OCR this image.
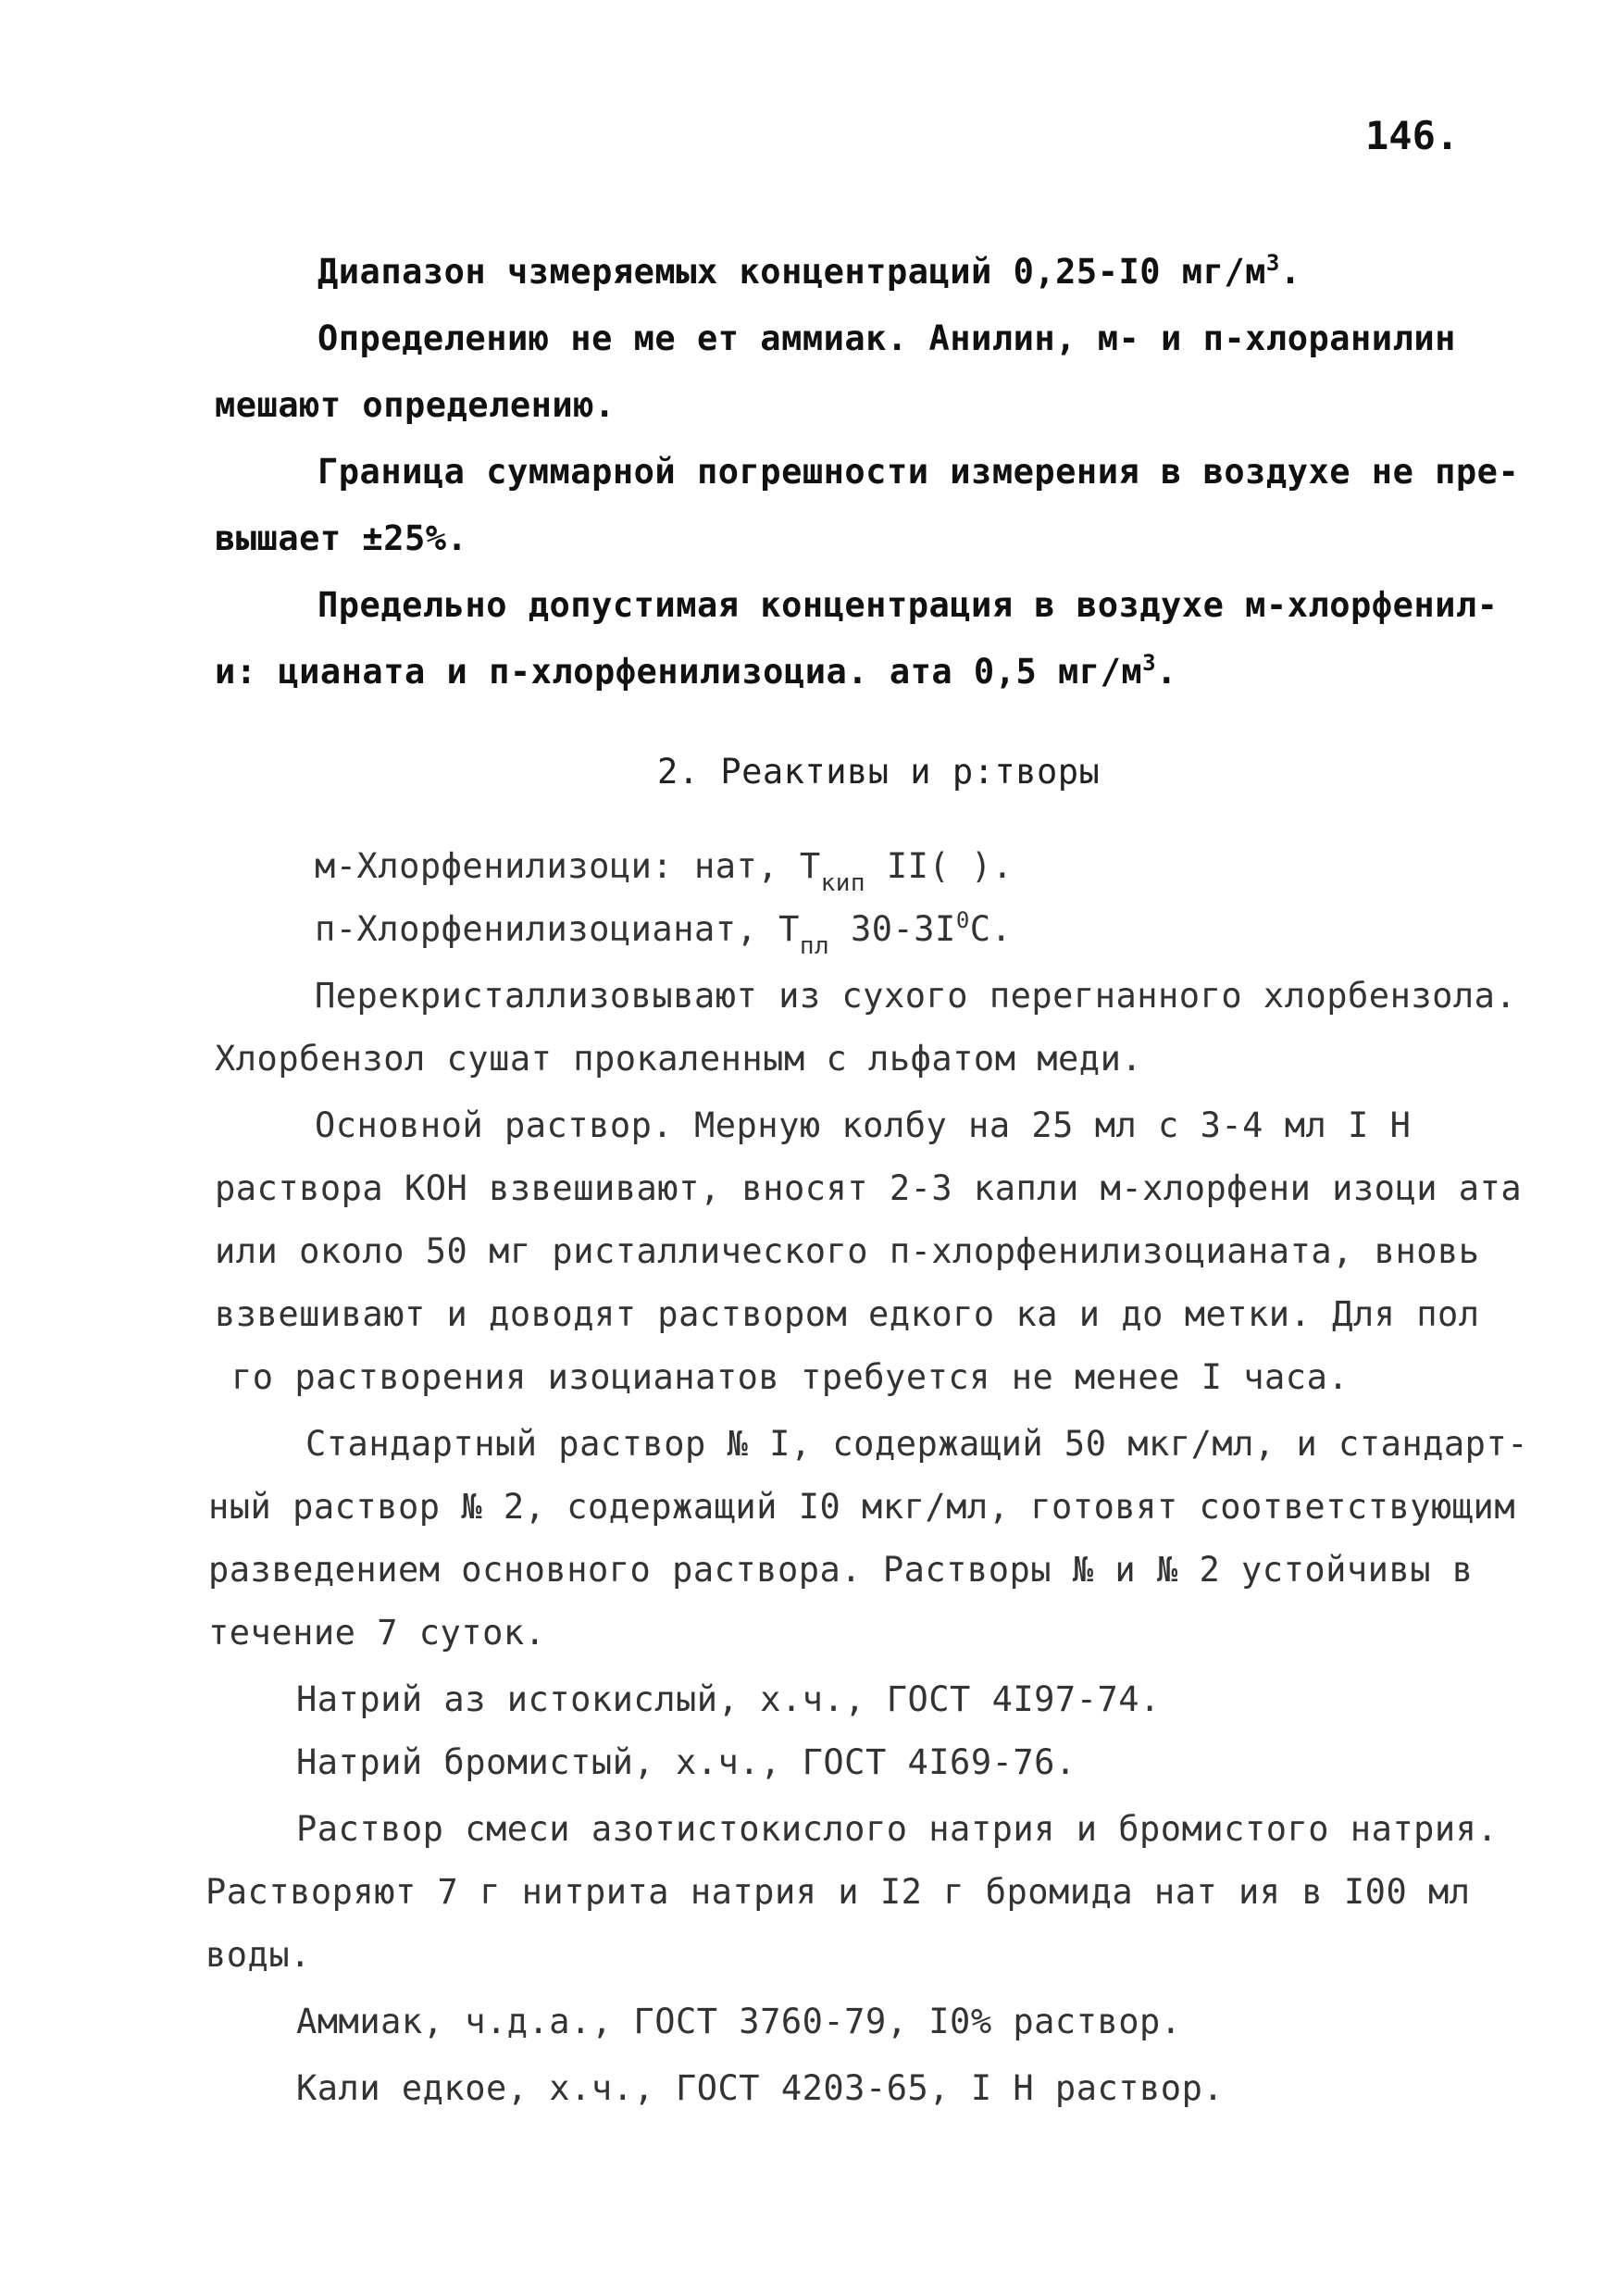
146.
Диапазон чзмеряемых концентраций 0,25-I0 $мг/м^3$.
Определению не ме ет аммиак. Анилин, м- и п-хлоранилин
мешают определению.
Граница суммарной погрешности измерения в воздухе не пре-
вышает ±25%.
Предельно допустимая концентрация в воздухе м-хлорфенил-
и: цианата и п-хлорфенилизоциа. ата 0,5 $мг/м^3$.
2. Реактивы и р:творы
м-Хлорфенилизоци: нат, $Т_{кип}$ II( ).
п-Хлорфенилизоцианат, $Т_{пл}$ $30-3I^0С$.
Перекристаллизовывают из сухого перегнанного хлорбензола.
Хлорбензол сушат прокаленным с льфатом меди.
Основной раствор. Мерную колбу на 25 мл с 3-4 мл I Н
раствора КОН взвешивают, вносят 2-3 капли м-хлорфени изоци ата
или около 50 мг ристаллического п-хлорфенилизоцианата, вновь
взвешивают и доводят раствором едкого ка и до метки. Для пол
го растворения изоцианатов требуется не менее I часа.
Стандартный раствор № I, содержащий 50 мкг/мл, и стандарт-
ный раствор № 2, содержащий I0 мкг/мл, готовят соответствующим
разведением основного раствора. Растворы № и № 2 устойчивы в
течение 7 суток.
Натрий аз истокислый, х.ч., ГОСТ 4I97-74.
Натрий бромистый, х.ч., ГОСТ 4I69-76.
Раствор смеси азотистокислого натрия и бромистого натрия.
Растворяют 7 г нитрита натрия и I2 г бромида нат ия в I00 мл
воды.
Аммиак, ч.д.а., ГОСТ 3760-79, I0% раствор.
Кали едкое, х.ч., ГОСТ 4203-65, I Н раствор.
